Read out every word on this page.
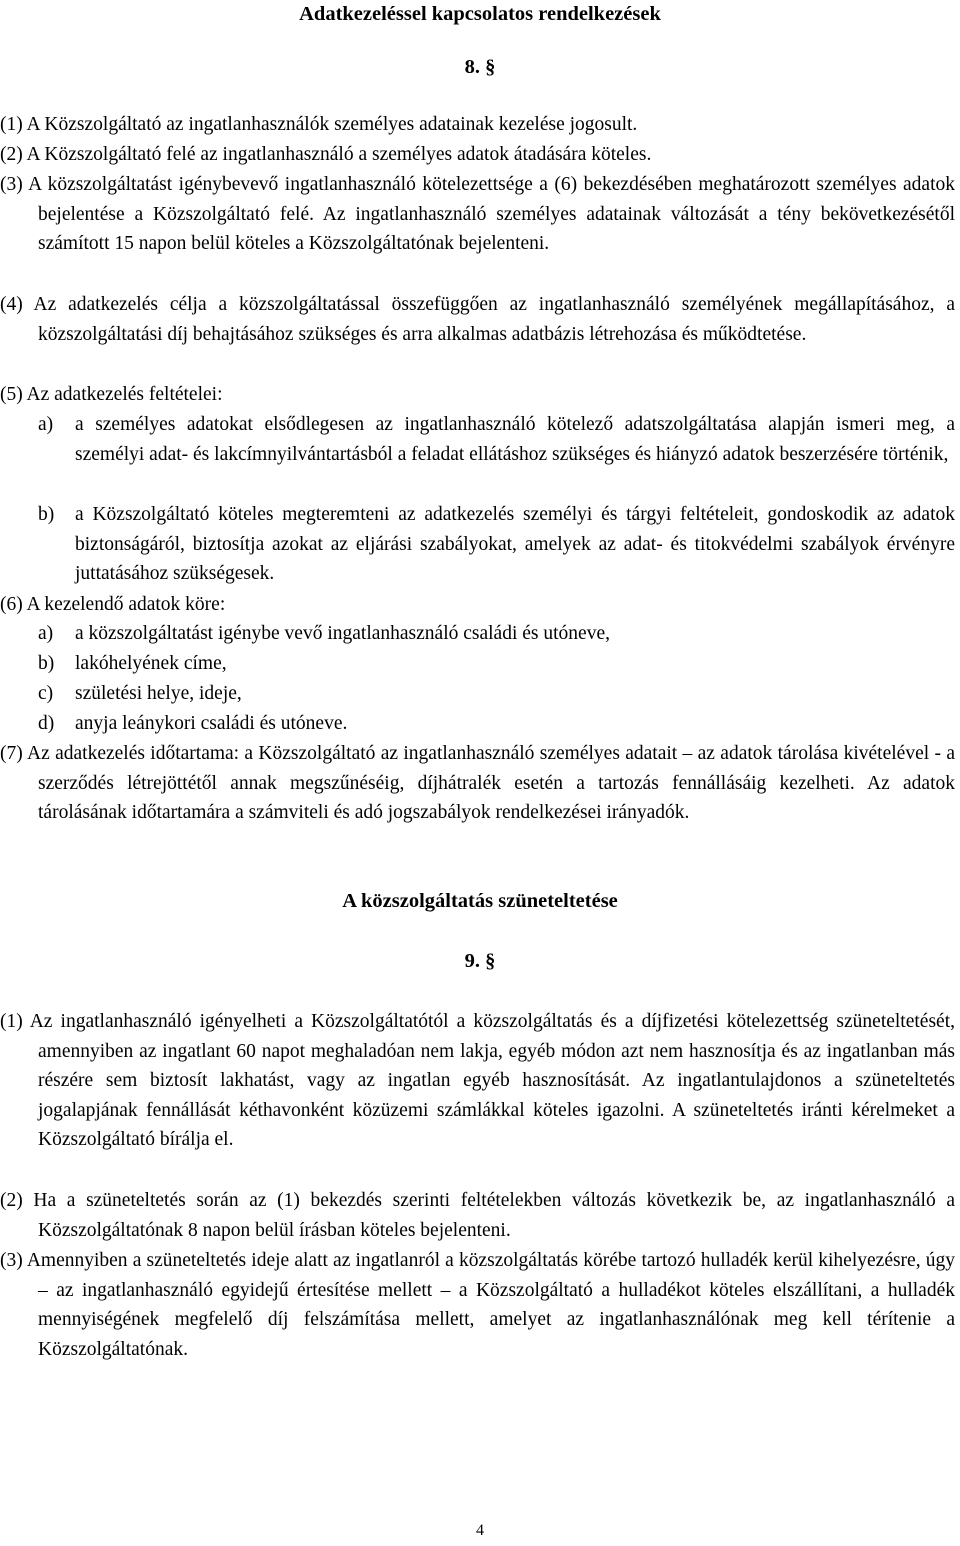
Adatkezeléssel kapcsolatos rendelkezések
8. §
(1) A Közszolgáltató az ingatlanhasználók személyes adatainak kezelése jogosult.
(2) A Közszolgáltató felé az ingatlanhasználó a személyes adatok átadására köteles.
(3) A közszolgáltatást igénybevevő ingatlanhasználó kötelezettsége a (6) bekezdésében meghatározott személyes adatok bejelentése a Közszolgáltató felé. Az ingatlanhasználó személyes adatainak változását a tény bekövetkezésétől számított 15 napon belül köteles a Közszolgáltatónak bejelenteni.
(4) Az adatkezelés célja a közszolgáltatással összefüggően az ingatlanhasználó személyének megállapításához, a közszolgáltatási díj behajtásához szükséges és arra alkalmas adatbázis létrehozása és működtetése.
(5) Az adatkezelés feltételei:
a)	a személyes adatokat elsődlegesen az ingatlanhasználó kötelező adatszolgáltatása alapján ismeri meg, a személyi adat- és lakcímnyilvántartásból a feladat ellátáshoz szükséges és hiányzó adatok beszerzésére történik,
b)	a Közszolgáltató köteles megteremteni az adatkezelés személyi és tárgyi feltételeit, gondoskodik az adatok biztonságáról, biztosítja azokat az eljárási szabályokat, amelyek az adat- és titokvédelmi szabályok érvényre juttatásához szükségesek.
(6) A kezelendő adatok köre:
a)	a közszolgáltatást igénybe vevő ingatlanhasználó családi és utóneve,
b)	lakóhelyének címe,
c)	születési helye, ideje,
d)	anyja leánykori családi és utóneve.
(7) Az adatkezelés időtartama: a Közszolgáltató az ingatlanhasználó személyes adatait – az adatok tárolása kivételével - a szerződés létrejöttétől annak megszűnéséig, díjhátralék esetén a tartozás fennállásáig kezelheti. Az adatok tárolásának időtartamára a számviteli és adó jogszabályok rendelkezései irányadók.
A közszolgáltatás szüneteltetése
9. §
(1) Az ingatlanhasználó igényelheti a Közszolgáltatótól a közszolgáltatás és a díjfizetési kötelezettség szüneteltetését, amennyiben az ingatlant 60 napot meghaladóan nem lakja, egyéb módon azt nem hasznosítja és az ingatlanban más részére sem biztosít lakhatást, vagy az ingatlan egyéb hasznosítását. Az ingatlantulajdonos a szüneteltetés jogalapjának fennállását kéthavonként közüzemi számlákkal köteles igazolni. A szüneteltetés iránti kérelmeket a Közszolgáltató bírálja el.
(2) Ha a szüneteltetés során az (1) bekezdés szerinti feltételekben változás következik be, az ingatlanhasználó a Közszolgáltatónak 8 napon belül írásban köteles bejelenteni.
(3) Amennyiben a szüneteltetés ideje alatt az ingatlanról a közszolgáltatás körébe tartozó hulladék kerül kihelyezésre, úgy – az ingatlanhasználó egyidejű értesítése mellett – a Közszolgáltató a hulladékot köteles elszállítani, a hulladék mennyiségének megfelelő díj felszámítása mellett, amelyet az ingatlanhasználónak meg kell térítenie a Közszolgáltatónak.
4
